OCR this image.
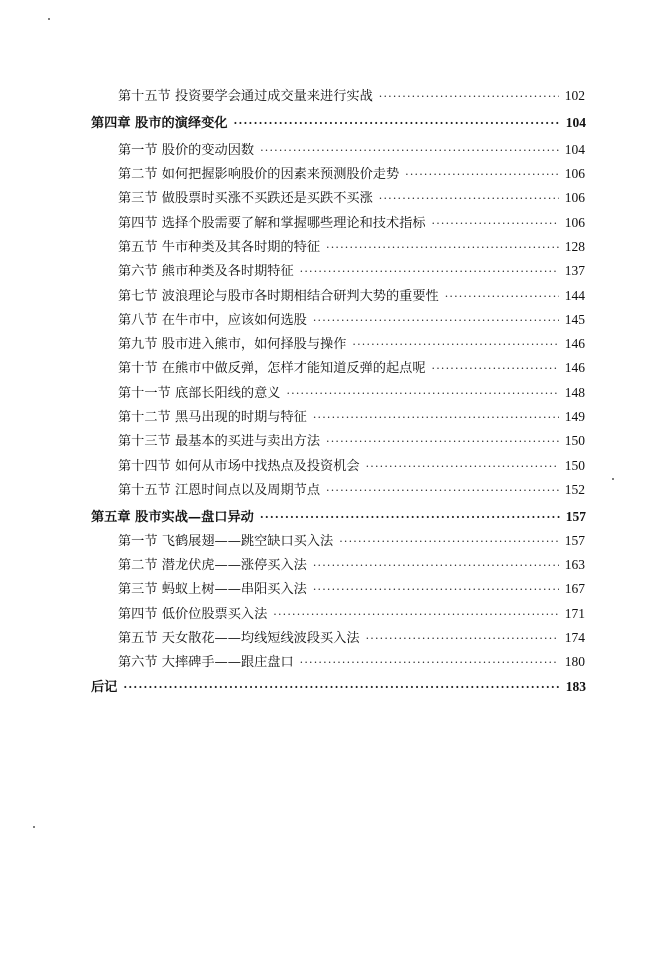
第十五节 投资要学会通过成交量来进行实战 ·····	102
第四章 股市的演绎变化 ·····	104
第一节 股价的变动因数 ·····	104
第二节 如何把握影响股价的因素来预测股价走势 ·····	106
第三节 做股票时买涨不买跌还是买跌不买涨 ·····	106
第四节 选择个股需要了解和掌握哪些理论和技术指标 ·····	106
第五节 牛市种类及其各时期的特征 ·····	128
第六节 熊市种类及各时期特征 ·····	137
第七节 波浪理论与股市各时期相结合研判大势的重要性 ·····	144
第八节 在牛市中，应该如何选股 ·····	145
第九节 股市进入熊市，如何择股与操作 ·····	146
第十节 在熊市中做反弹，怎样才能知道反弹的起点呢 ·····	146
第十一节 底部长阳线的意义 ·····	148
第十二节 黑马出现的时期与特征 ·····	149
第十三节 最基本的买进与卖出方法 ·····	150
第十四节 如何从市场中找热点及投资机会 ·····	150
第十五节 江恩时间点以及周期节点 ·····	152
第五章 股市实战—盘口异动 ·····	157
第一节 飞鹤展翅——跳空缺口买入法 ·····	157
第二节 潜龙伏虎——涨停买入法 ·····	163
第三节 蚂蚁上树——串阳买入法 ·····	167
第四节 低价位股票买入法 ·····	171
第五节 天女散花——均线短线波段买入法 ·····	174
第六节 大摔碑手——跟庄盘口 ·····	180
后记 ·····	183
